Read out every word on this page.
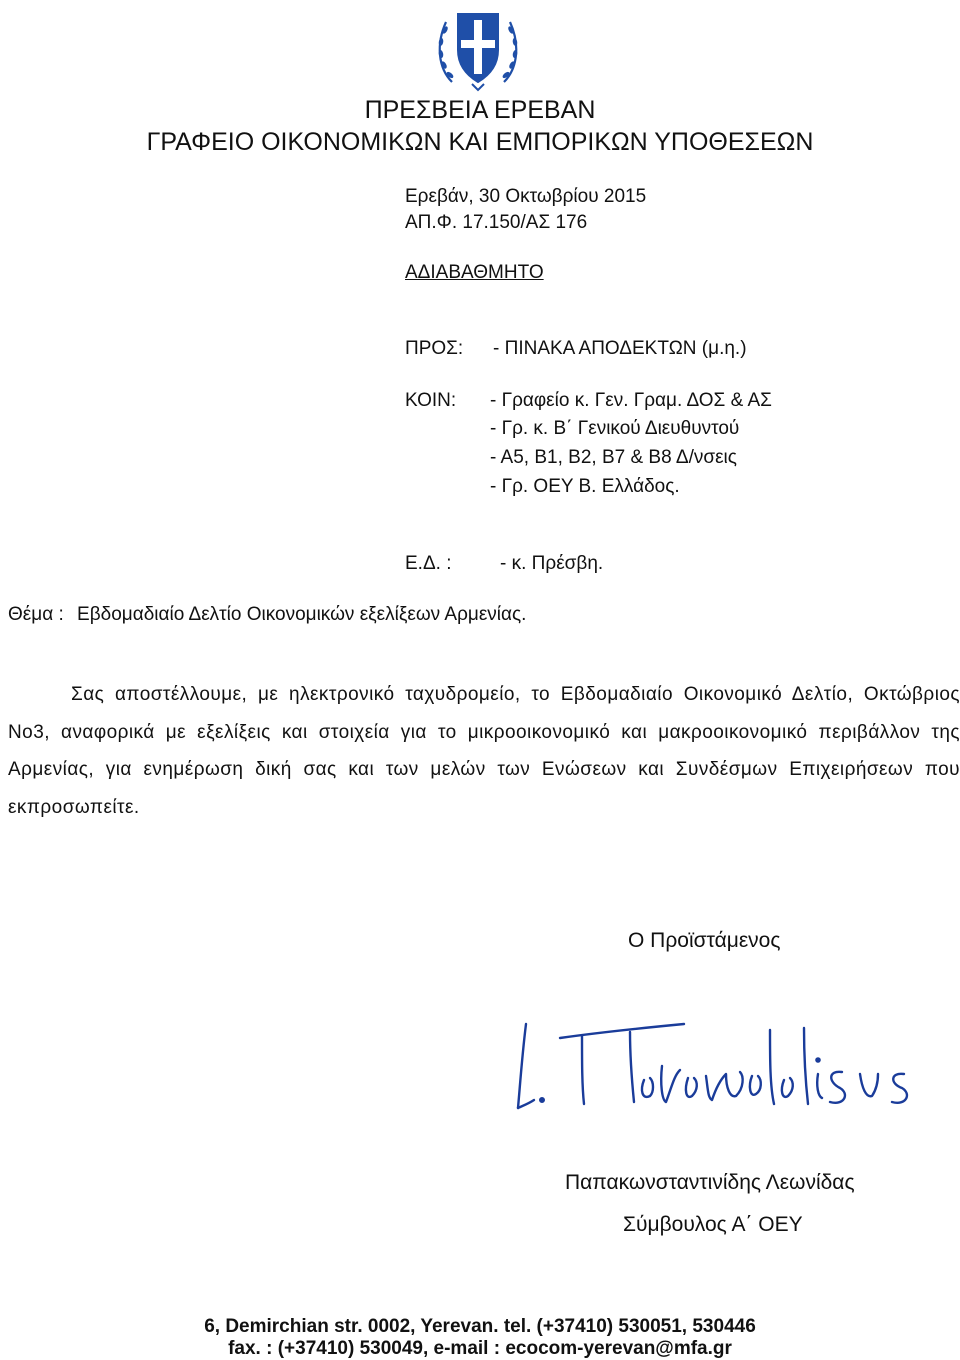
ΠΡΕΣΒΕΙΑ ΕΡΕΒΑΝ
ΓΡΑΦΕΙΟ ΟΙΚΟΝΟΜΙΚΩΝ ΚΑΙ ΕΜΠΟΡΙΚΩΝ ΥΠΟΘΕΣΕΩΝ
Ερεβάν, 30 Οκτωβρίου 2015
ΑΠ.Φ. 17.150/ΑΣ 176
ΑΔΙΑΒΑΘΜΗΤΟ
ΠΡΟΣ: - ΠΙΝΑΚΑ ΑΠΟΔΕΚΤΩΝ (μ.η.)
ΚΟΙΝ: - Γραφείο κ. Γεν. Γραμ. ΔΟΣ & ΑΣ
- Γρ. κ. Β΄ Γενικού Διευθυντού
- Α5, Β1, Β2, Β7 & Β8 Δ/νσεις
- Γρ. ΟΕΥ Β. Ελλάδος.
Ε.Δ. :	- κ. Πρέσβη.
Θέμα : Εβδομαδιαίο Δελτίο Οικονομικών εξελίξεων Αρμενίας.

Σας αποστέλλουμε, με ηλεκτρονικό ταχυδρομείο, το Εβδομαδιαίο Οικονομικό Δελτίο, Οκτώβριος Νο3, αναφορικά με εξελίξεις και στοιχεία για το μικροοικονομικό και μακροοικονομικό περιβάλλον της Αρμενίας, για ενημέρωση δική σας και των μελών των Ενώσεων και Συνδέσμων Επιχειρήσεων που εκπροσωπείτε.

Ο Προϊστάμενος
Παπακωνσταντινίδης Λεωνίδας
Σύμβουλος Α΄ ΟΕΥ
6, Demirchian str. 0002, Yerevan. tel. (+37410) 530051, 530446
fax. : (+37410) 530049, e-mail : ecocom-yerevan@mfa.gr
